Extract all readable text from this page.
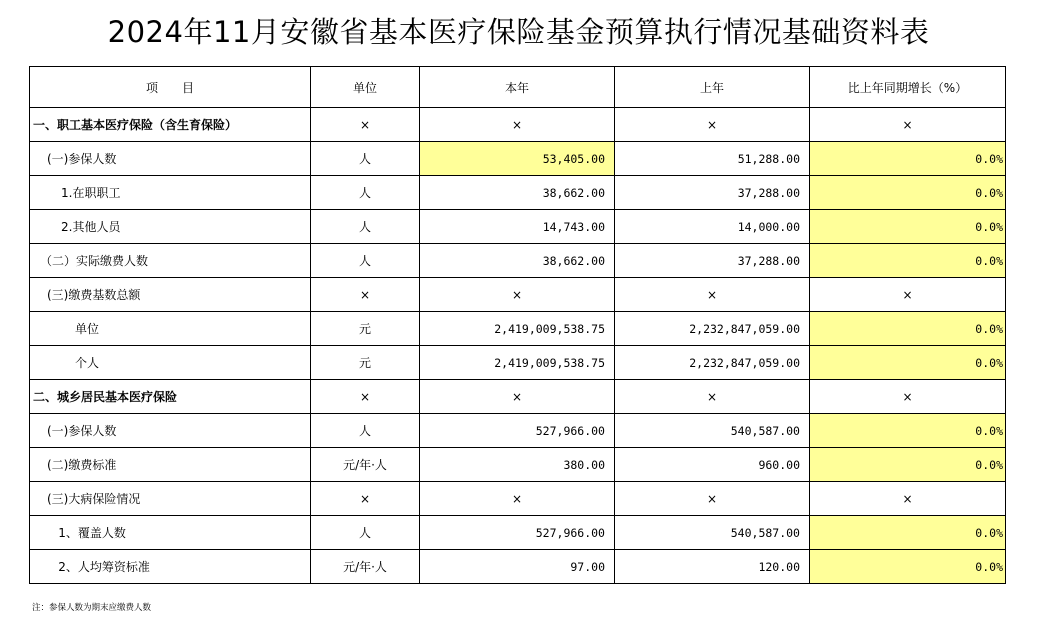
2024年11月安徽省基本医疗保险基金预算执行情况基础资料表
项　　目	单位	本年	上年	比上年同期增长（%）
一、职工基本医疗保险（含生育保险）	×	×	×	×
(一)参保人数	人	53,405.00	51,288.00	0.0%
1.在职职工	人	38,662.00	37,288.00	0.0%
2.其他人员	人	14,743.00	14,000.00	0.0%
（二）实际缴费人数	人	38,662.00	37,288.00	0.0%
(三)缴费基数总额	×	×	×	×
单位	元	2,419,009,538.75	2,232,847,059.00	0.0%
个人	元	2,419,009,538.75	2,232,847,059.00	0.0%
二、城乡居民基本医疗保险	×	×	×	×
(一)参保人数	人	527,966.00	540,587.00	0.0%
(二)缴费标准	元/年·人	380.00	960.00	0.0%
(三)大病保险情况	×	×	×	×
1、覆盖人数	人	527,966.00	540,587.00	0.0%
2、人均筹资标准	元/年·人	97.00	120.00	0.0%
注：参保人数为期末应缴费人数
